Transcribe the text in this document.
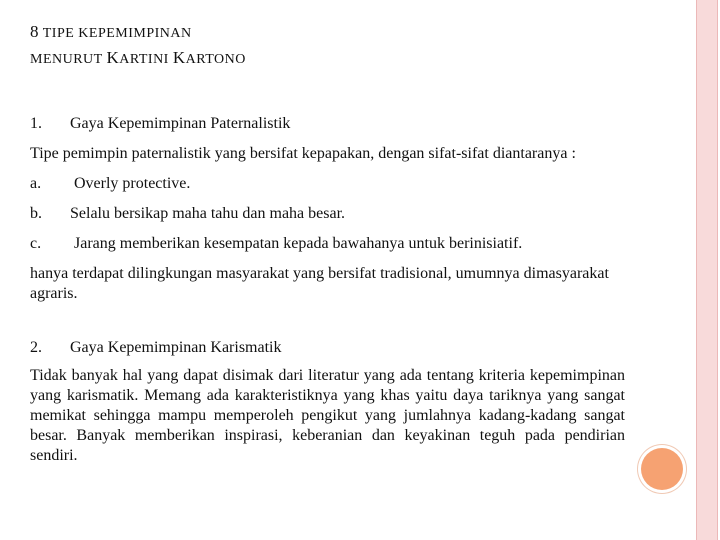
8 TIPE KEPEMIMPINAN
MENURUT KARTINI KARTONO
1.	Gaya Kepemimpinan Paternalistik

Tipe pemimpin paternalistik yang bersifat kepapakan, dengan sifat-sifat diantaranya :

a.	Overly protective.
b.	Selalu bersikap maha tahu dan maha besar.
c.	Jarang memberikan kesempatan kepada bawahanya untuk berinisiatif.

hanya terdapat dilingkungan masyarakat yang bersifat tradisional, umumnya dimasyarakat agraris.

2.	Gaya Kepemimpinan Karismatik

Tidak banyak hal yang dapat disimak dari literatur yang ada tentang kriteria kepemimpinan yang karismatik. Memang ada karakteristiknya yang khas yaitu daya tariknya yang sangat memikat sehingga mampu memperoleh pengikut yang jumlahnya kadang-kadang sangat besar. Banyak memberikan inspirasi, keberanian dan keyakinan teguh pada pendirian sendiri.
